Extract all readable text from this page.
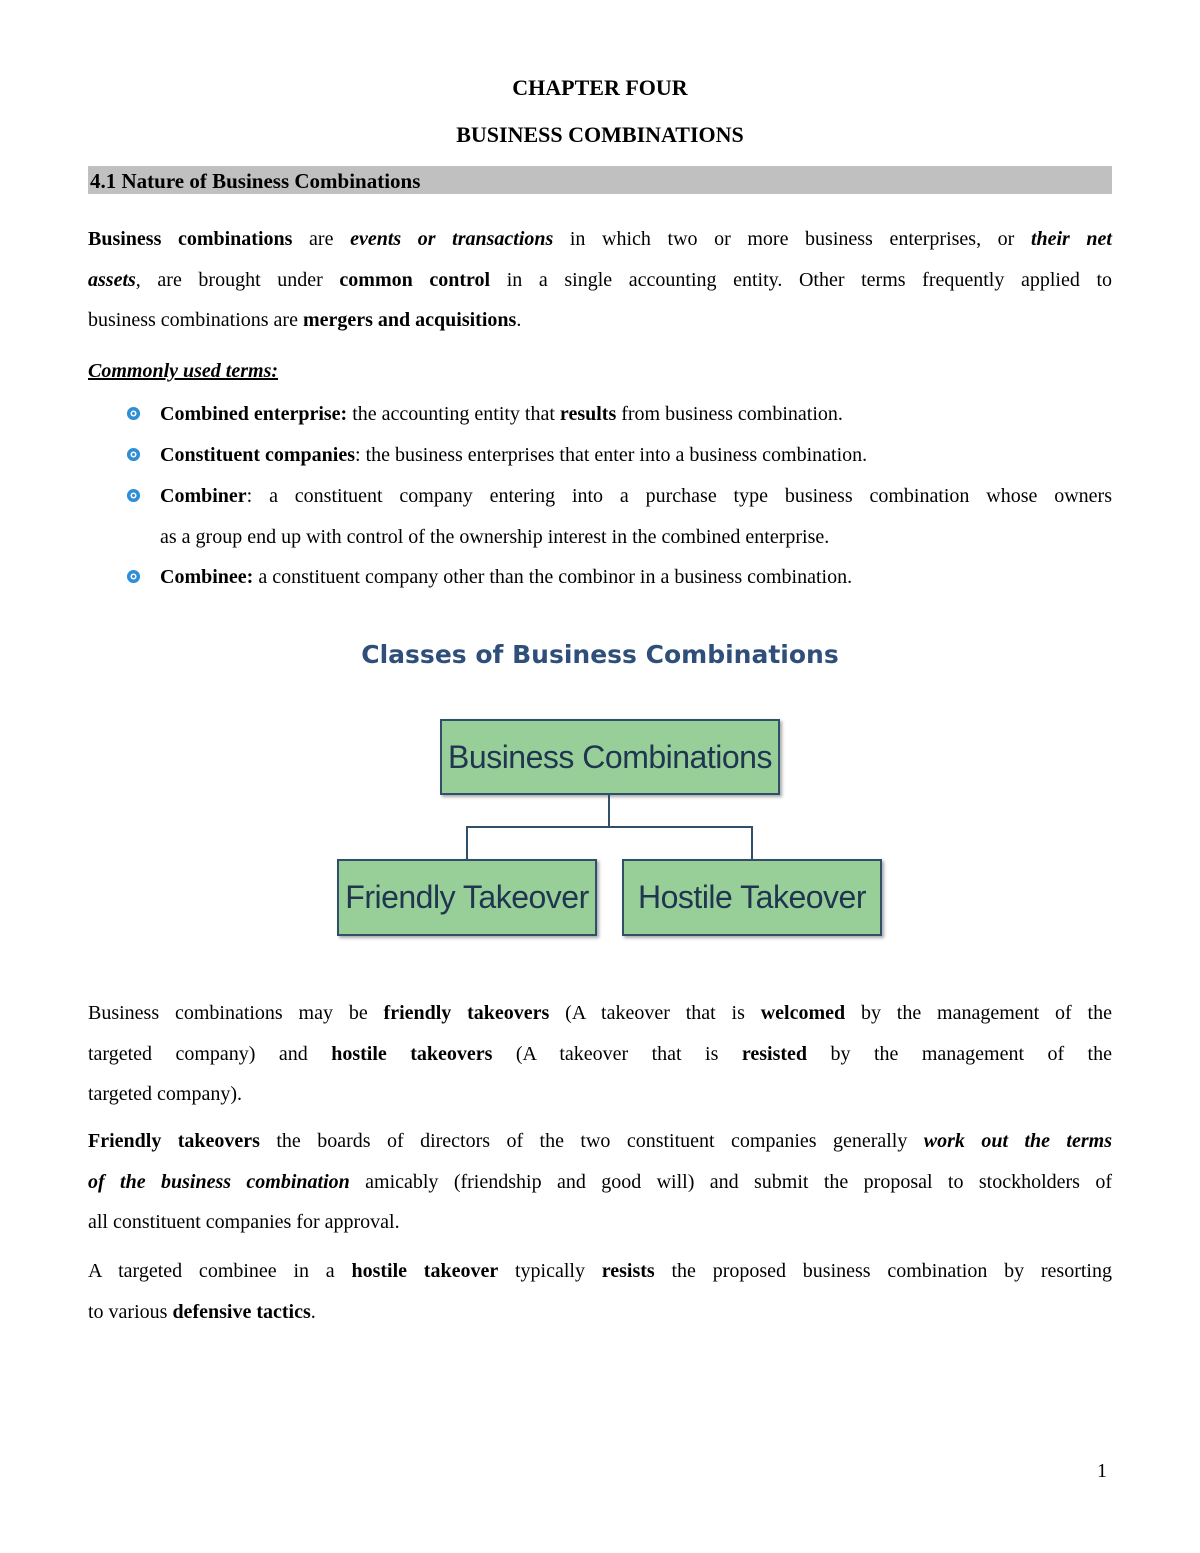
CHAPTER FOUR
BUSINESS COMBINATIONS
4.1 Nature of Business Combinations
Business combinations are events or transactions in which two or more business enterprises, or their net
assets, are brought under common control in a single accounting entity. Other terms frequently applied to
business combinations are mergers and acquisitions.
Commonly used terms:
Combined enterprise: the accounting entity that results from business combination.
Constituent companies: the business enterprises that enter into a business combination.
Combiner: a constituent company entering into a purchase type business combination whose owners
as a group end up with control of the ownership interest in the combined enterprise.
Combinee: a constituent company other than the combinor in a business combination.
Classes of Business Combinations
Business Combinations
Friendly Takeover	Hostile Takeover
Business combinations may be friendly takeovers (A takeover that is welcomed by the management of the
targeted company) and hostile takeovers (A takeover that is resisted by the management of the
targeted company).
Friendly takeovers the boards of directors of the two constituent companies generally work out the terms
of the business combination amicably (friendship and good will) and submit the proposal to stockholders of
all constituent companies for approval.
A targeted combinee in a hostile takeover typically resists the proposed business combination by resorting
to various defensive tactics.
1
